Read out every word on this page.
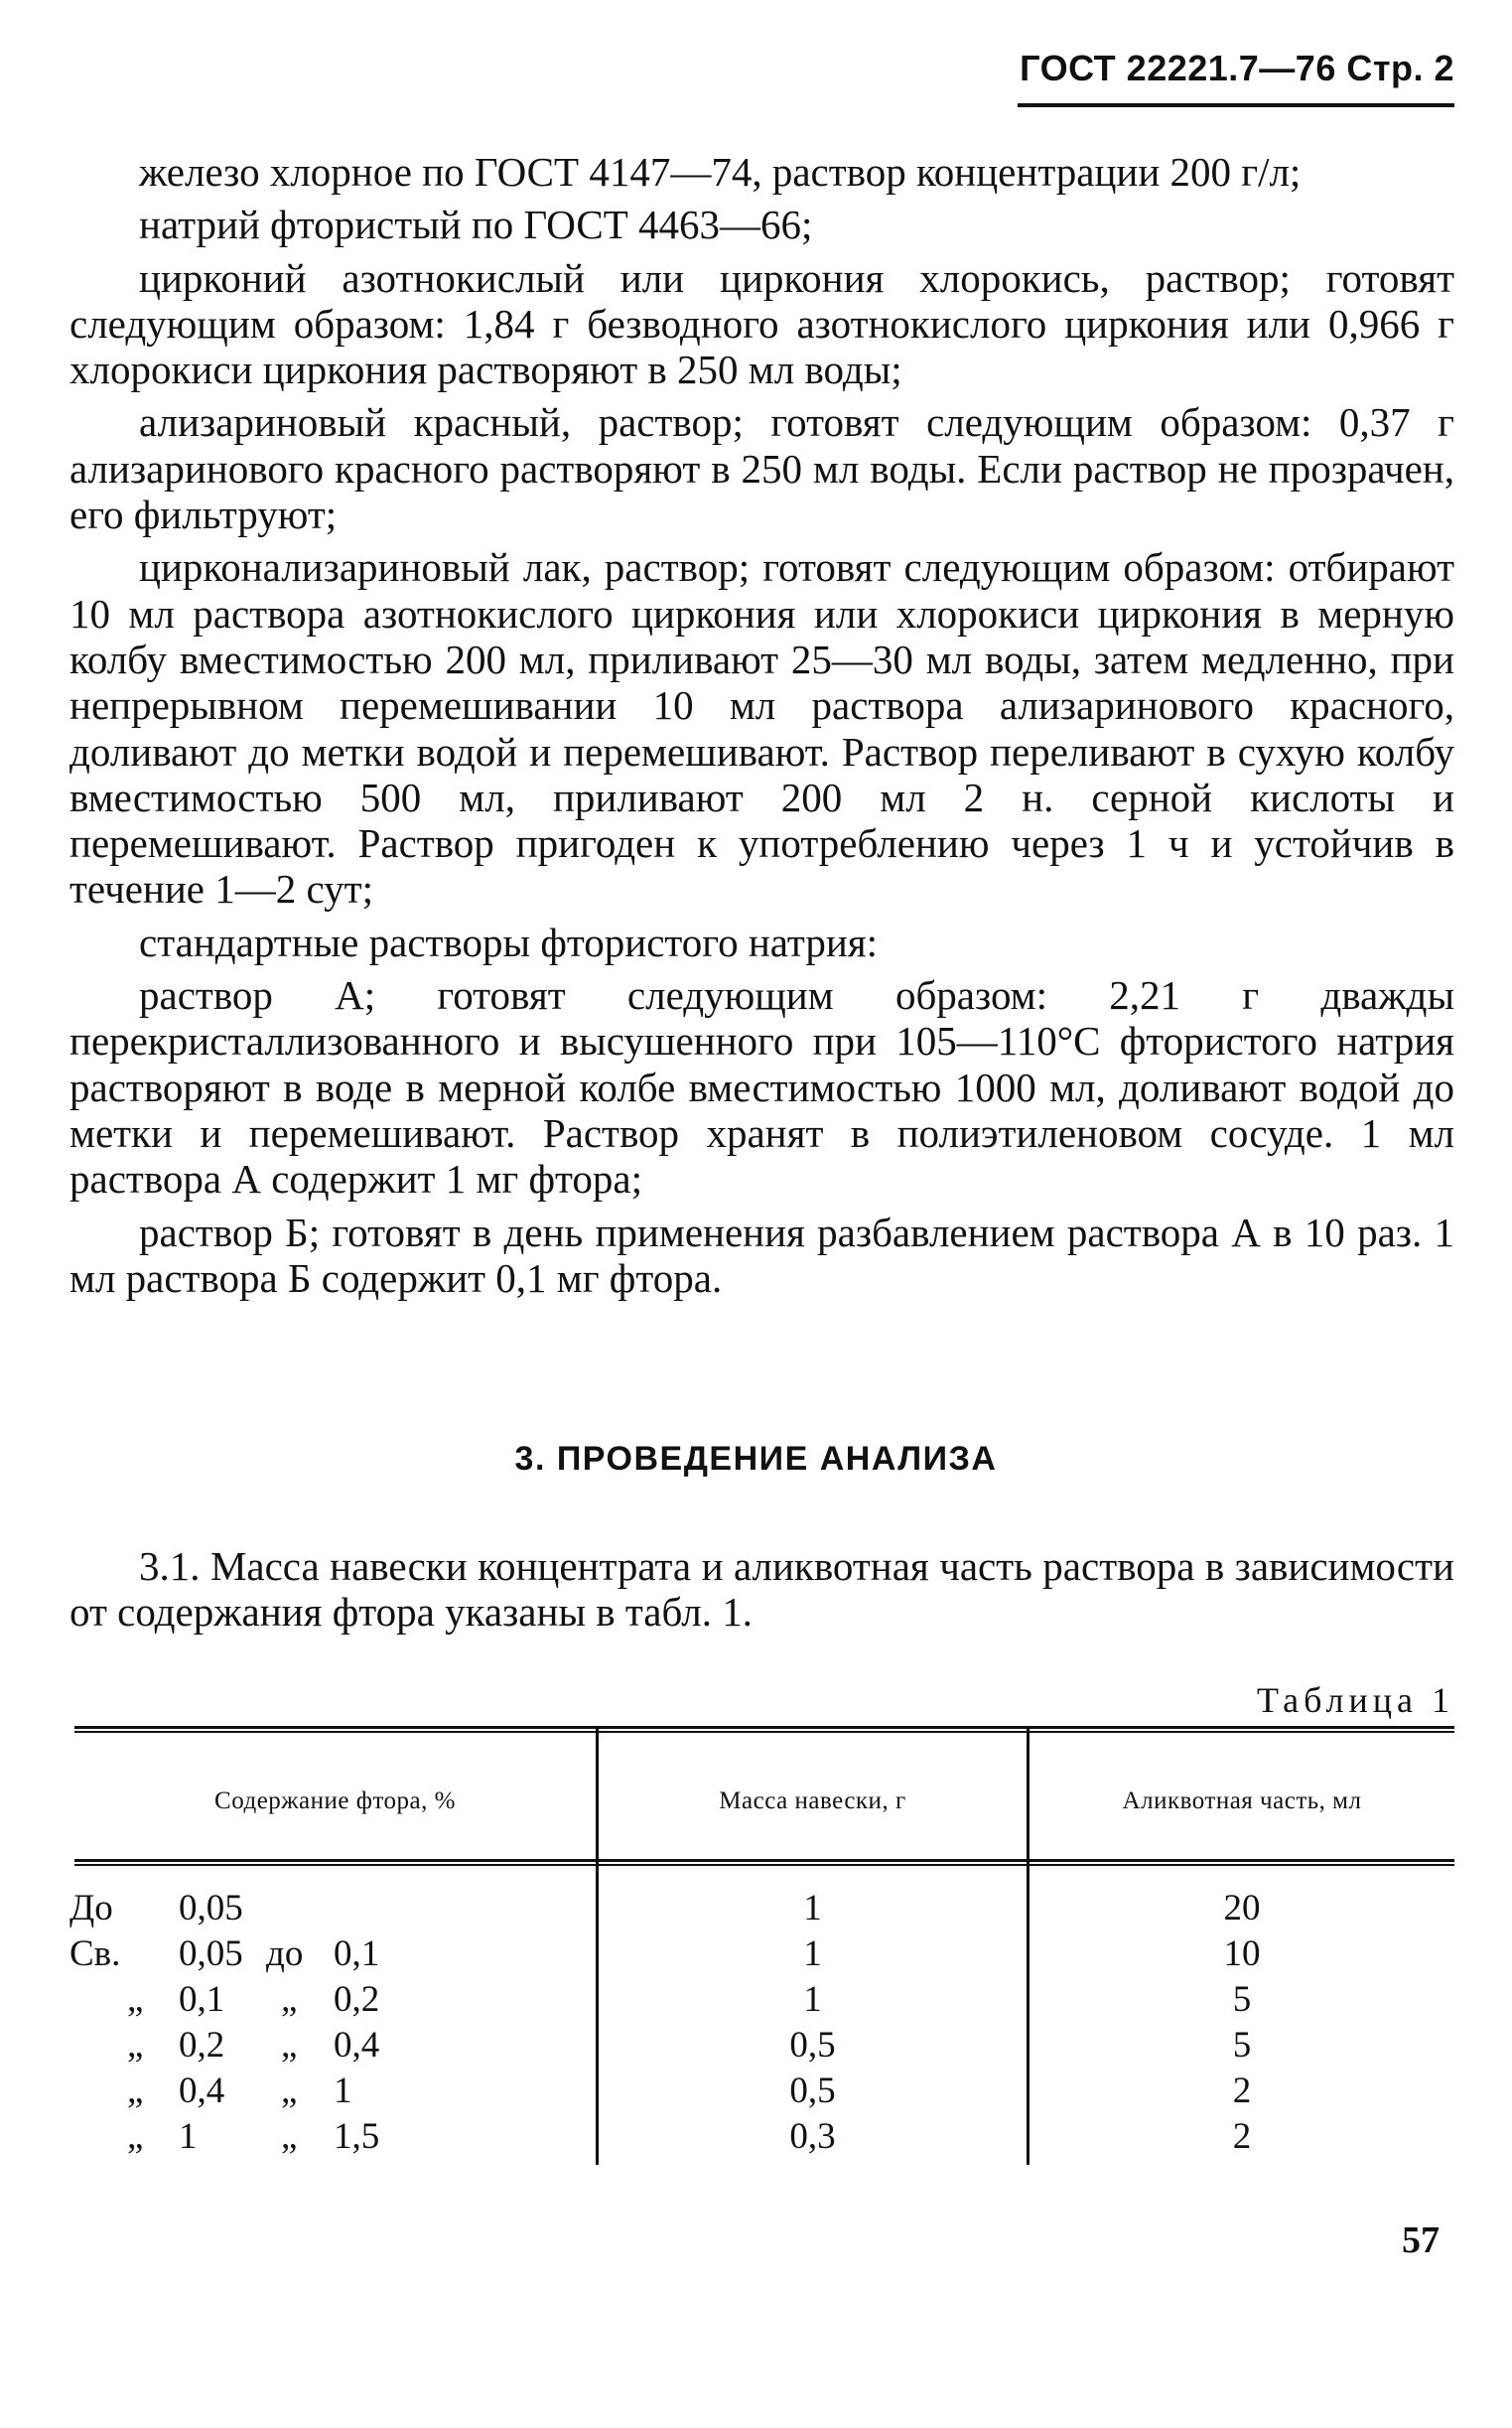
ГОСТ 22221.7—76 Стр. 2

железо хлорное по ГОСТ 4147—74, раствор концентрации 200 г/л;

натрий фтористый по ГОСТ 4463—66;

цирконий азотнокислый или циркония хлорокись, раствор; готовят следующим образом: 1,84 г безводного азотнокислого циркония или 0,966 г хлорокиси циркония растворяют в 250 мл воды;

ализариновый красный, раствор; готовят следующим образом: 0,37 г ализаринового красного растворяют в 250 мл воды. Если раствор не прозрачен, его фильтруют;

цирконализариновый лак, раствор; готовят следующим образом: отбирают 10 мл раствора азотнокислого циркония или хлорокиси циркония в мерную колбу вместимостью 200 мл, приливают 25—30 мл воды, затем медленно, при непрерывном перемешивании 10 мл раствора ализаринового красного, доливают до метки водой и перемешивают. Раствор переливают в сухую колбу вместимостью 500 мл, приливают 200 мл 2 н. серной кислоты и перемешивают. Раствор пригоден к употреблению через 1 ч и устойчив в течение 1—2 сут;

стандартные растворы фтористого натрия:

раствор А; готовят следующим образом: 2,21 г дважды перекристаллизованного и высушенного при 105—110°С фтористого натрия растворяют в воде в мерной колбе вместимостью 1000 мл, доливают водой до метки и перемешивают. Раствор хранят в полиэтиленовом сосуде. 1 мл раствора А содержит 1 мг фтора;

раствор Б; готовят в день применения разбавлением раствора А в 10 раз. 1 мл раствора Б содержит 0,1 мг фтора.

3. ПРОВЕДЕНИЕ АНАЛИЗА
3.1. Масса навески концентрата и аликвотная часть раствора в зависимости от содержания фтора указаны в табл. 1.
Таблица 1
Содержание фтора, %	Масса навески, г	Аликвотная часть, мл
До 0,05	1	20
Св. 0,05 до 0,1	1	10
„ 0,1 „ 0,2	1	5
„ 0,2 „ 0,4	0,5	5
„ 0,4 „ 1	0,5	2
„ 1 „ 1,5	0,3	2
57
